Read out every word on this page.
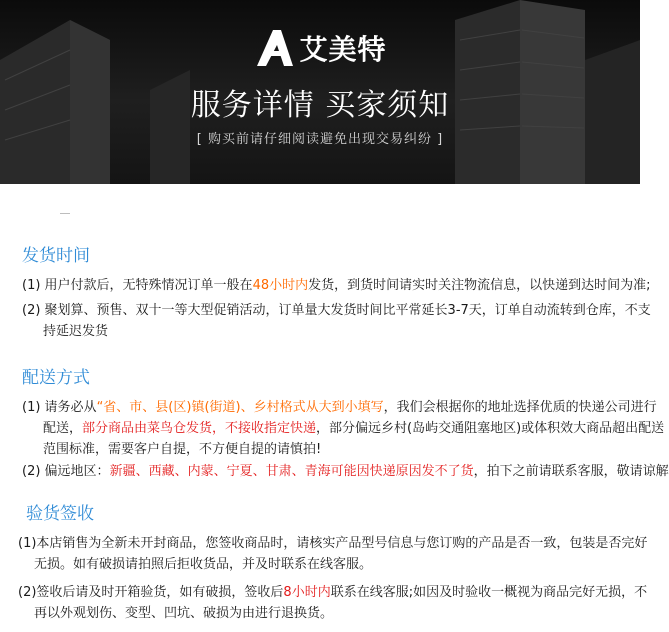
艾美特
服务详情 买家须知
[ 购买前请仔细阅读避免出现交易纠纷 ]
发货时间
(1) 用户付款后，无特殊情况订单一般在48小时内发货，到货时间请实时关注物流信息，以快递到达时间为准;
(2) 聚划算、预售、双十一等大型促销活动，订单量大发货时间比平常延长3-7天，订单自动流转到仓库，不支
持延迟发货
配送方式
(1) 请务必从“省、市、县(区)镇(街道)、乡村格式从大到小填写，我们会根据你的地址选择优质的快递公司进行
配送，部分商品由菜鸟仓发货，不接收指定快递，部分偏远乡村(岛屿交通阻塞地区)或体积效大商品超出配送
范围标准，需要客户自提，不方便自提的请慎拍!
(2) 偏远地区：新疆、西藏、内蒙、宁夏、甘肃、青海可能因快递原因发不了货，拍下之前请联系客服，敬请谅解
验货签收
(1)本店销售为全新未开封商品，您签收商品时，请核实产品型号信息与您订购的产品是否一致，包装是否完好
无损。如有破损请拍照后拒收货品，并及时联系在线客服。
(2)签收后请及时开箱验货，如有破损，签收后8小时内联系在线客服;如因及时验收一概视为商品完好无损，不
再以外观划伤、变型、凹坑、破损为由进行退换货。
